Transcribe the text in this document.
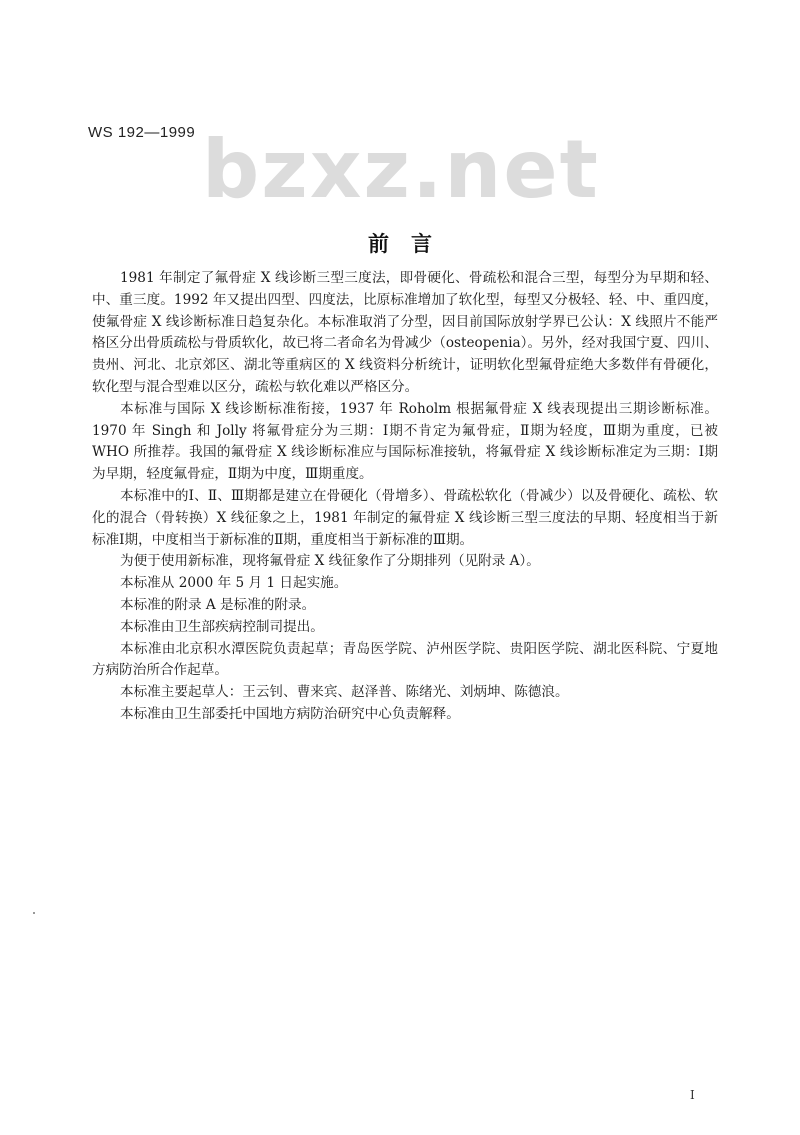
WS 192—1999 bzxz.net
前言

1981 年制定了氟骨症 X 线诊断三型三度法，即骨硬化、骨疏松和混合三型，每型分为早期和轻、中、重三度。1992 年又提出四型、四度法，比原标准增加了软化型，每型又分极轻、轻、中、重四度，使氟骨症 X 线诊断标准日趋复杂化。本标准取消了分型，因目前国际放射学界已公认：X 线照片不能严格区分出骨质疏松与骨质软化，故已将二者命名为骨减少（osteopenia）。另外，经对我国宁夏、四川、贵州、河北、北京郊区、湖北等重病区的 X 线资料分析统计，证明软化型氟骨症绝大多数伴有骨硬化，软化型与混合型难以区分，疏松与软化难以严格区分。

本标准与国际 X 线诊断标准衔接，1937 年 Roholm 根据氟骨症 X 线表现提出三期诊断标准。1970 年 Singh 和 Jolly 将氟骨症分为三期：Ⅰ期不肯定为氟骨症，Ⅱ期为轻度，Ⅲ期为重度，已被 WHO 所推荐。我国的氟骨症 X 线诊断标准应与国际标准接轨，将氟骨症 X 线诊断标准定为三期：Ⅰ期为早期，轻度氟骨症，Ⅱ期为中度，Ⅲ期重度。

本标准中的Ⅰ、Ⅱ、Ⅲ期都是建立在骨硬化（骨增多）、骨疏松软化（骨减少）以及骨硬化、疏松、软化的混合（骨转换）X 线征象之上，1981 年制定的氟骨症 X 线诊断三型三度法的早期、轻度相当于新标准Ⅰ期，中度相当于新标准的Ⅱ期，重度相当于新标准的Ⅲ期。

为便于使用新标准，现将氟骨症 X 线征象作了分期排列（见附录 A）。

本标准从 2000 年 5 月 1 日起实施。

本标准的附录 A 是标准的附录。

本标准由卫生部疾病控制司提出。

本标准由北京积水潭医院负责起草；青岛医学院、泸州医学院、贵阳医学院、湖北医科院、宁夏地方病防治所合作起草。

本标准主要起草人：王云钊、曹来宾、赵泽普、陈绪光、刘炳坤、陈德浪。

本标准由卫生部委托中国地方病防治研究中心负责解释。

I
